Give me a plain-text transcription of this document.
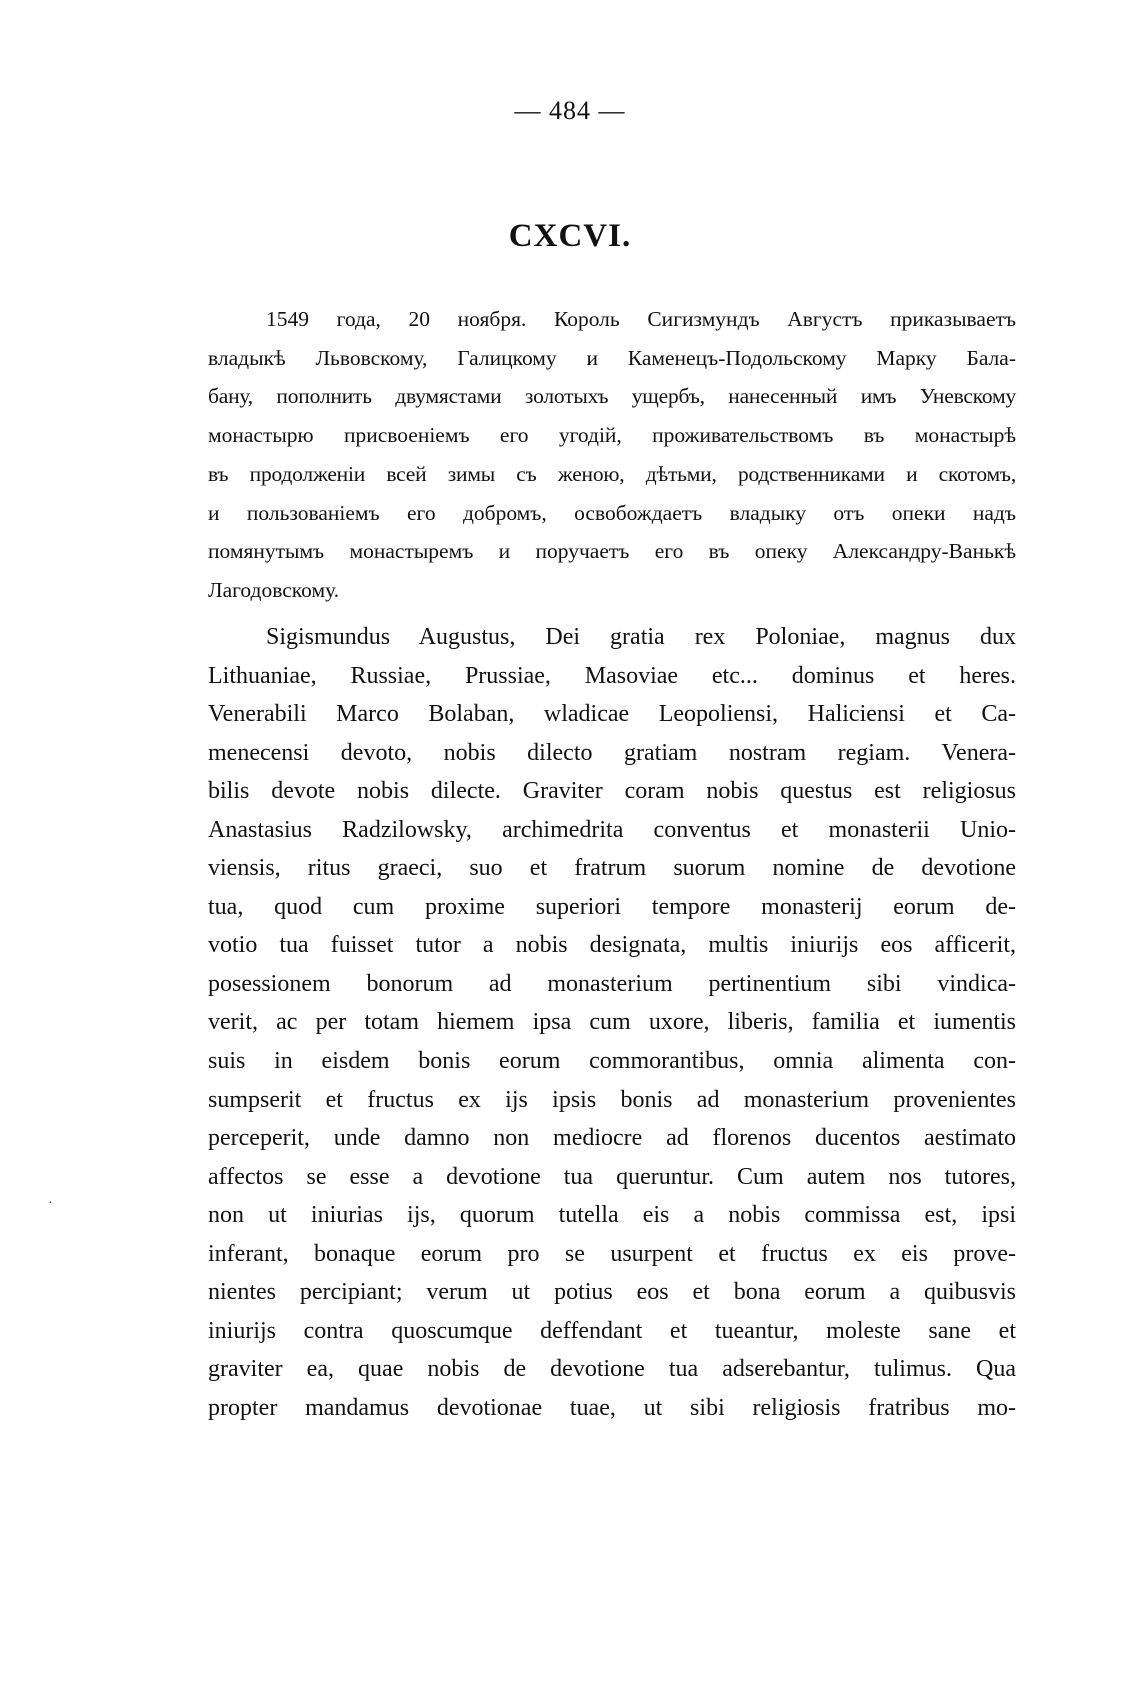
— 484 —
CXCVI.
1549 года, 20 ноября. Король Сигизмундъ Августъ приказываетъ
владыкѣ Львовскому, Галицкому и Каменецъ-Подольскому Марку Бала-
бану, пополнить двумястами золотыхъ ущербъ, нанесенный имъ Уневскому
монастырю присвоеніемъ его угодій, проживательствомъ въ монастырѣ
въ продолженіи всей зимы съ женою, дѣтьми, родственниками и скотомъ,
и пользованіемъ его добромъ, освобождаетъ владыку отъ опеки надъ
помянутымъ монастыремъ и поручаетъ его въ опеку Александру-Ванькѣ
Лагодовскому.
Sigismundus Augustus, Dei gratia rex Poloniae, magnus dux
Lithuaniae, Russiae, Prussiae, Masoviae etc... dominus et heres.
Venerabili Marco Bolaban, wladicae Leopoliensi, Haliciensi et Ca-
menecensi devoto, nobis dilecto gratiam nostram regiam. Venera-
bilis devote nobis dilecte. Graviter coram nobis questus est religiosus
Anastasius Radzilowsky, archimedrita conventus et monasterii Unio-
viensis, ritus graeci, suo et fratrum suorum nomine de devotione
tua, quod cum proxime superiori tempore monasterij eorum de-
votio tua fuisset tutor a nobis designata, multis iniurijs eos afficerit,
posessionem bonorum ad monasterium pertinentium sibi vindica-
verit, ac per totam hiemem ipsa cum uxore, liberis, familia et iumentis
suis in eisdem bonis eorum commorantibus, omnia alimenta con-
sumpserit et fructus ex ijs ipsis bonis ad monasterium provenientes
perceperit, unde damno non mediocre ad florenos ducentos aestimato
affectos se esse a devotione tua queruntur. Cum autem nos tutores,
non ut iniurias ijs, quorum tutella eis a nobis commissa est, ipsi
inferant, bonaque eorum pro se usurpent et fructus ex eis prove-
nientes percipiant; verum ut potius eos et bona eorum a quibusvis
iniurijs contra quoscumque deffendant et tueantur, moleste sane et
graviter ea, quae nobis de devotione tua adserebantur, tulimus. Qua
propter mandamus devotionae tuae, ut sibi religiosis fratribus mo-
·
